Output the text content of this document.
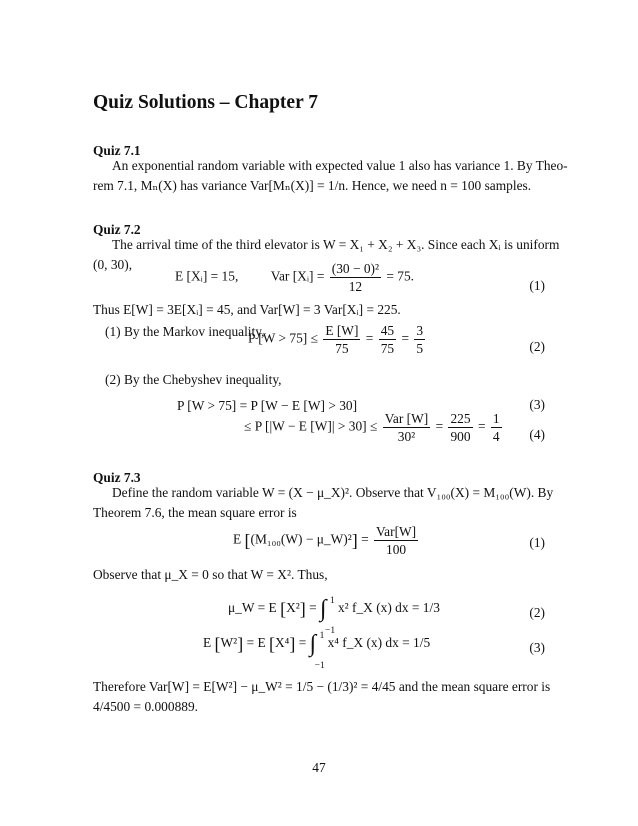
Quiz Solutions – Chapter 7
Quiz 7.1
An exponential random variable with expected value 1 also has variance 1. By Theo-
rem 7.1, Mₙ(X) has variance Var[Mₙ(X)] = 1/n. Hence, we need n = 100 samples.
Quiz 7.2
The arrival time of the third elevator is W = X₁ + X₂ + X₃. Since each Xᵢ is uniform
(0, 30),
E [Xᵢ] = 15, Var [Xᵢ] = $\frac{\text{(30 − 0)²}}{12} = 75$.
(1)
Thus E[W] = 3E[Xᵢ] = 45, and Var[W] = 3 Var[Xᵢ] = 225.
(1) By the Markov inequality,
P $[W > 75] \le \frac{E [W]}{75} = \frac{45}{75} = \frac{3}{5}$	(2)
(2) By the Chebyshev inequality,
P [W > 75] = P [W − E [W] > 30]	(3)
≤ P [|W − E $[W]| > 30] \le \frac{\text{Var [W]}}{\text{30²}} = \frac{225}{900} = \frac{1}{4} (4)$
Quiz 7.3
Define the random variable W = (X − μ_X)². Observe that V₁₀₀(X) = M₁₀₀(W). By
Theorem 7.6, the mean square error is
E [(M₁₀₀(W) − μ_W)²] = $\frac{\text{Var[W]}}{100}$	(1)
Observe that μ_X = 0 so that W = X². Thus,
μ_W = E [X²] = ∫ 1
−1
x² f_X (x) dx = 1/3	(2)
E [W²] = E [X⁴] = ∫ 1
−1
x⁴ f_X (x) dx = 1/5	(3)
Therefore Var[W] = E[W²] − μ_W² = 1/5 − (1/3)² = 4/45 and the mean square error is
4/4500 = 0.000889.
47
